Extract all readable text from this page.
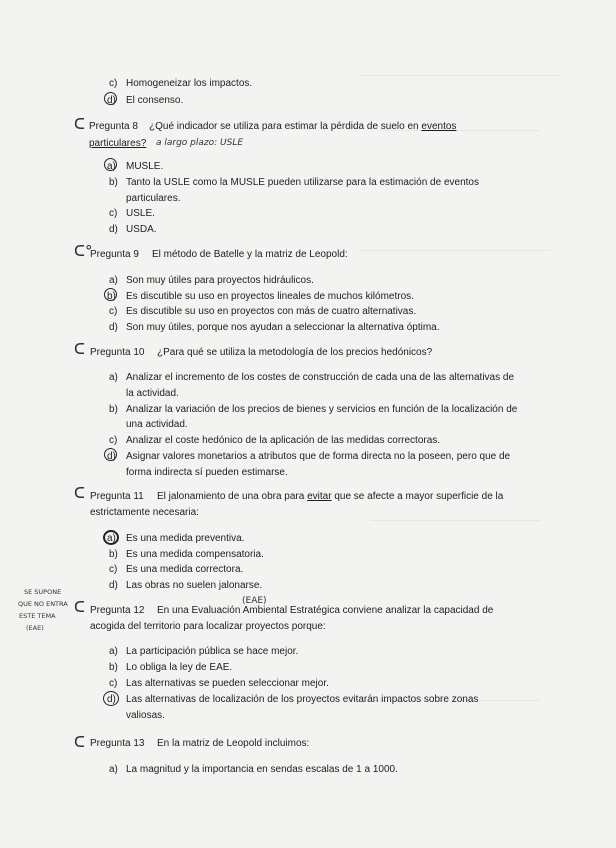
c) Homogeneizar los impactos.
d) El consenso.
ᑕ Pregunta 8 ¿Qué indicador se utiliza para estimar la pérdida de suelo en eventos
particulares? a largo plazo: USLE
a) MUSLE.
b) Tanto la USLE como la MUSLE pueden utilizarse para la estimación de eventos
particulares.
c) USLE.
d) USDA.
ᑕ°
Pregunta 9 El método de Batelle y la matriz de Leopold:
a) Son muy útiles para proyectos hidráulicos.
b) Es discutible su uso en proyectos lineales de muchos kilómetros.
c) Es discutible su uso en proyectos con más de cuatro alternativas.
d) Son muy útiles, porque nos ayudan a seleccionar la alternativa óptima.
ᑕ Pregunta 10 ¿Para qué se utiliza la metodología de los precios hedónicos?
a) Analizar el incremento de los costes de construcción de cada una de las alternativas de
la actividad.
b) Analizar la variación de los precios de bienes y servicios en función de la localización de
una actividad.
c) Analizar el coste hedónico de la aplicación de las medidas correctoras.
d) Asignar valores monetarios a atributos que de forma directa no la poseen, pero que de
forma indirecta sí pueden estimarse.
ᑕ Pregunta 11 El jalonamiento de una obra para evitar que se afecte a mayor superficie de la
estrictamente necesaria:
a) Es una medida preventiva.
b) Es una medida compensatoria.
c) Es una medida correctora.
d) Las obras no suelen jalonarse.
SE SUPONE
QUE NO ENTRA
ESTE TEMA
(EAE)
ᑕ	(EAE)
Pregunta 12 En una Evaluación Ambiental Estratégica conviene analizar la capacidad de
acogida del territorio para localizar proyectos porque:
a) La participación pública se hace mejor.
b) Lo obliga la ley de EAE.
c) Las alternativas se pueden seleccionar mejor.
d) Las alternativas de localización de los proyectos evitarán impactos sobre zonas
valiosas.
ᑕ Pregunta 13 En la matriz de Leopold incluimos:
a) La magnitud y la importancia en sendas escalas de 1 a 1000.
